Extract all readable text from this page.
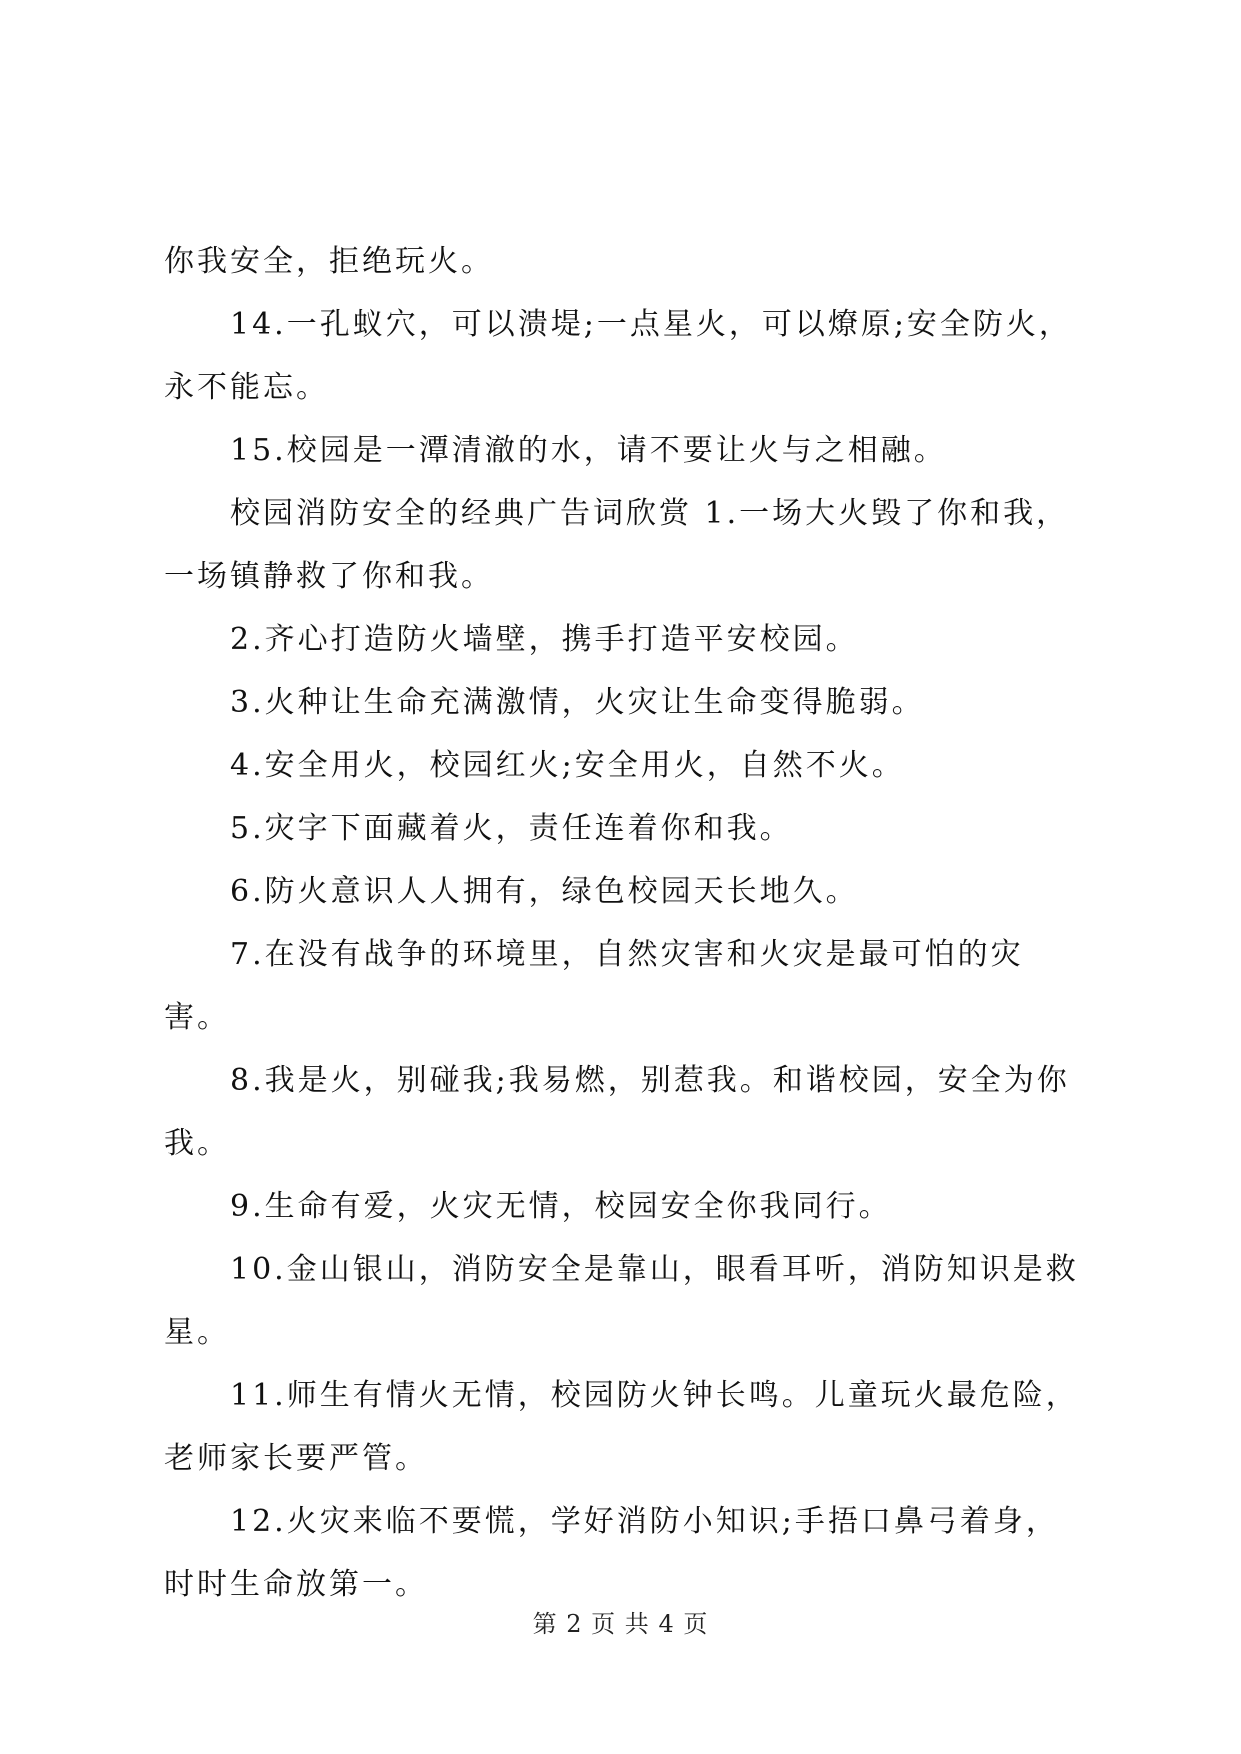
你我安全，拒绝玩火。

14.一孔蚁穴，可以溃堤;一点星火，可以燎原;安全防火，永不能忘。

15.校园是一潭清澈的水，请不要让火与之相融。

校园消防安全的经典广告词欣赏 1.一场大火毁了你和我，一场镇静救了你和我。

2.齐心打造防火墙壁，携手打造平安校园。

3.火种让生命充满激情，火灾让生命变得脆弱。

4.安全用火，校园红火;安全用火，自然不火。

5.灾字下面藏着火，责任连着你和我。

6.防火意识人人拥有，绿色校园天长地久。

7.在没有战争的环境里，自然灾害和火灾是最可怕的灾害。

8.我是火，别碰我;我易燃，别惹我。和谐校园，安全为你我。

9.生命有爱，火灾无情，校园安全你我同行。

10.金山银山，消防安全是靠山，眼看耳听，消防知识是救星。

11.师生有情火无情，校园防火钟长鸣。儿童玩火最危险，老师家长要严管。

12.火灾来临不要慌，学好消防小知识;手捂口鼻弓着身，时时生命放第一。

第 2 页 共 4 页
